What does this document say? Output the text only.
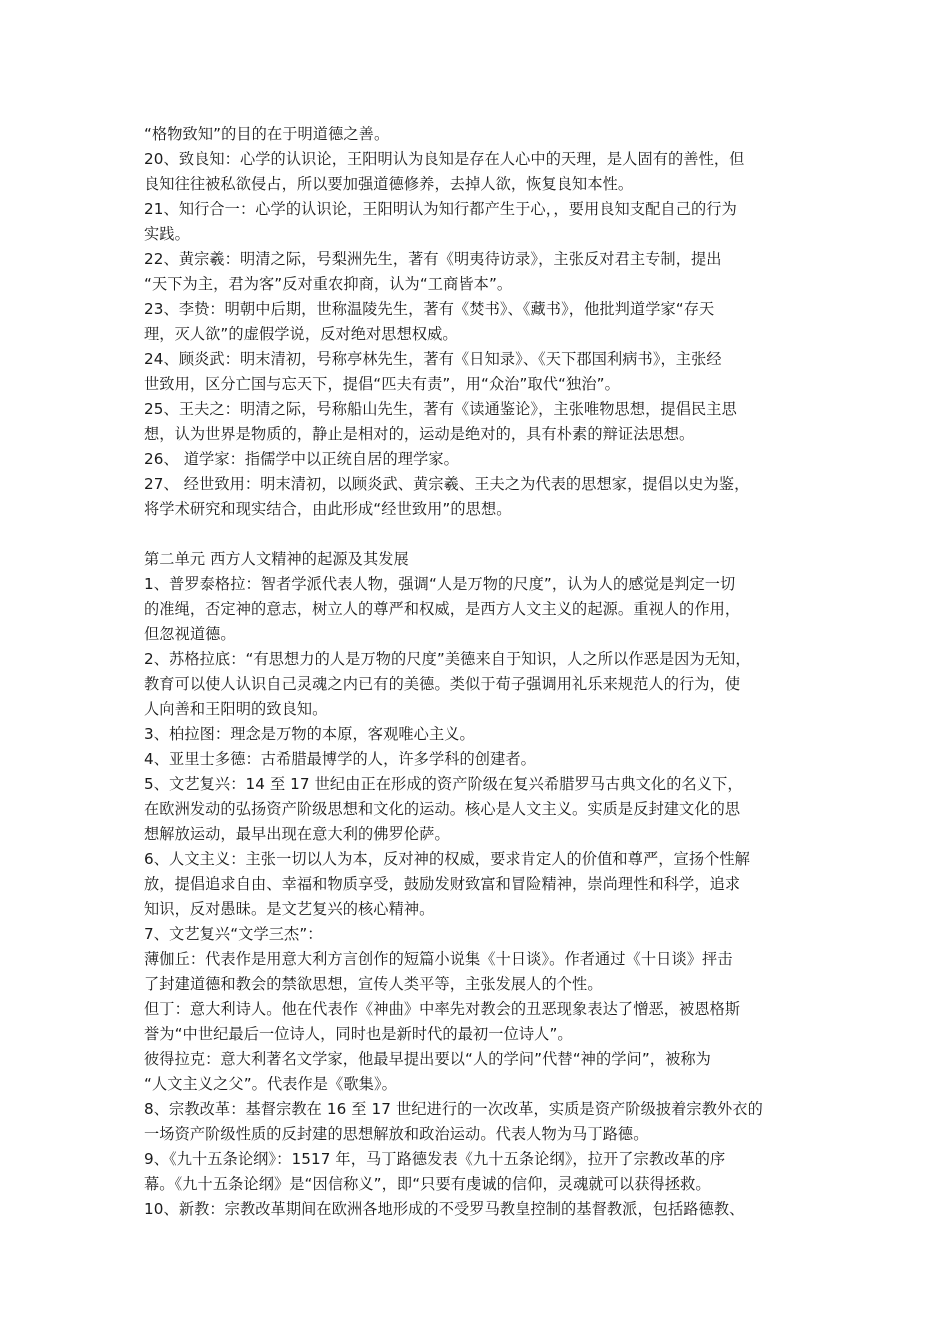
“格物致知”的目的在于明道德之善。
20、致良知：心学的认识论，王阳明认为良知是存在人心中的天理，是人固有的善性，但
良知往往被私欲侵占，所以要加强道德修养，去掉人欲，恢复良知本性。
21、知行合一：心学的认识论，王阳明认为知行都产生于心，，要用良知支配自己的行为
实践。
22、黄宗羲：明清之际，号梨洲先生，著有《明夷待访录》，主张反对君主专制，提出
“天下为主，君为客”反对重农抑商，认为“工商皆本”。
23、李贽：明朝中后期，世称温陵先生，著有《焚书》、《藏书》，他批判道学家“存天
理，灭人欲”的虚假学说，反对绝对思想权威。
24、顾炎武：明末清初，号称亭林先生，著有《日知录》、《天下郡国利病书》，主张经
世致用，区分亡国与忘天下，提倡“匹夫有责”，用“众治”取代“独治”。
25、王夫之：明清之际，号称船山先生，著有《读通鉴论》，主张唯物思想，提倡民主思
想，认为世界是物质的，静止是相对的，运动是绝对的，具有朴素的辩证法思想。
26、 道学家：指儒学中以正统自居的理学家。
27、 经世致用：明末清初，以顾炎武、黄宗羲、王夫之为代表的思想家，提倡以史为鉴，
将学术研究和现实结合，由此形成“经世致用”的思想。
第二单元 西方人文精神的起源及其发展
1、普罗泰格拉：智者学派代表人物，强调“人是万物的尺度”，认为人的感觉是判定一切
的准绳，否定神的意志，树立人的尊严和权威，是西方人文主义的起源。重视人的作用，
但忽视道德。
2、苏格拉底：“有思想力的人是万物的尺度”美德来自于知识，人之所以作恶是因为无知，
教育可以使人认识自己灵魂之内已有的美德。类似于荀子强调用礼乐来规范人的行为，使
人向善和王阳明的致良知。
3、柏拉图：理念是万物的本原，客观唯心主义。
4、亚里士多德：古希腊最博学的人，许多学科的创建者。
5、文艺复兴：14 至 17 世纪由正在形成的资产阶级在复兴希腊罗马古典文化的名义下，
在欧洲发动的弘扬资产阶级思想和文化的运动。核心是人文主义。实质是反封建文化的思
想解放运动，最早出现在意大利的佛罗伦萨。
6、人文主义：主张一切以人为本，反对神的权威，要求肯定人的价值和尊严，宣扬个性解
放，提倡追求自由、幸福和物质享受，鼓励发财致富和冒险精神，崇尚理性和科学，追求
知识，反对愚昧。是文艺复兴的核心精神。
7、文艺复兴“文学三杰”：
薄伽丘：代表作是用意大利方言创作的短篇小说集《十日谈》。作者通过《十日谈》抨击
了封建道德和教会的禁欲思想，宣传人类平等，主张发展人的个性。
但丁：意大利诗人。他在代表作《神曲》中率先对教会的丑恶现象表达了憎恶，被恩格斯
誉为“中世纪最后一位诗人，同时也是新时代的最初一位诗人”。
彼得拉克：意大利著名文学家，他最早提出要以“人的学问”代替“神的学问”，被称为
“人文主义之父”。代表作是《歌集》。
8、宗教改革：基督宗教在 16 至 17 世纪进行的一次改革，实质是资产阶级披着宗教外衣的
一场资产阶级性质的反封建的思想解放和政治运动。代表人物为马丁路德。
9、《九十五条论纲》：1517 年，马丁路德发表《九十五条论纲》，拉开了宗教改革的序
幕。《九十五条论纲》是“因信称义”，即“只要有虔诚的信仰，灵魂就可以获得拯救。
10、新教：宗教改革期间在欧洲各地形成的不受罗马教皇控制的基督教派，包括路德教、
